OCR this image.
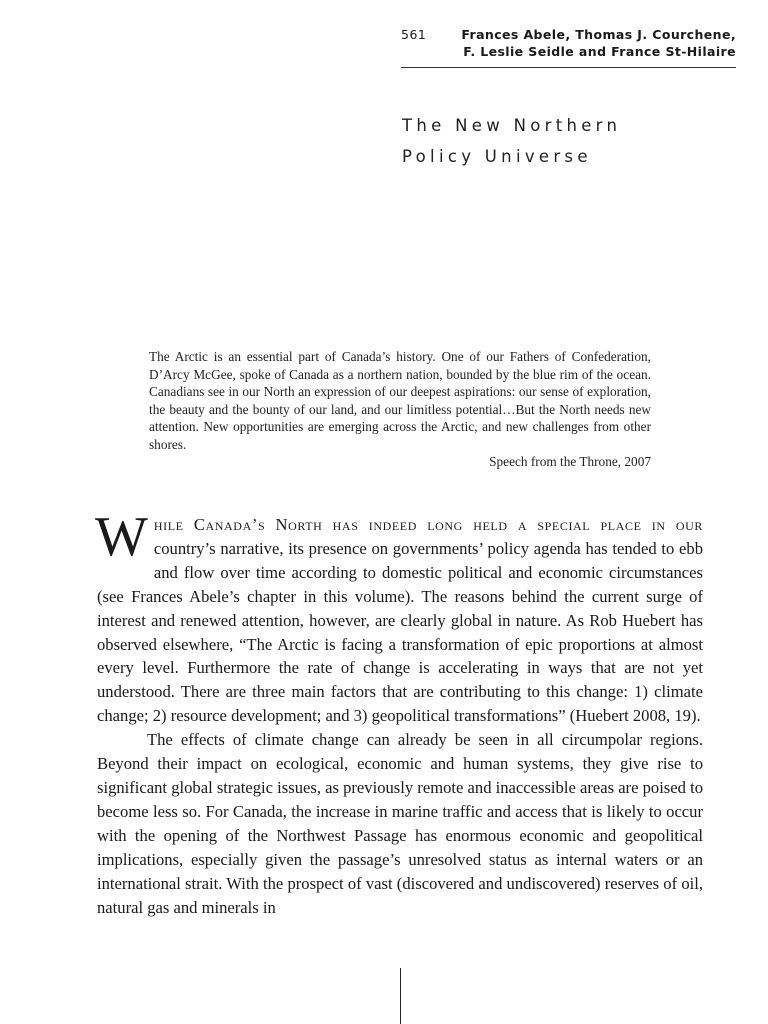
561	Frances Abele, Thomas J. Courchene,
F. Leslie Seidle and France St-Hilaire
The New Northern
Policy Universe
The Arctic is an essential part of Canada’s history. One of our Fathers of Confederation, D’Arcy McGee, spoke of Canada as a northern nation, bounded by the blue rim of the ocean. Canadians see in our North an expression of our deepest aspirations: our sense of exploration, the beauty and the bounty of our land, and our limitless potential…But the North needs new attention. New opportunities are emerging across the Arctic, and new challenges from other shores.
Speech from the Throne, 2007

While Canada’s North has indeed long held a special place in our country’s narrative, its presence on governments’ policy agenda has tended to ebb and flow over time according to domestic political and economic circumstances (see Frances Abele’s chapter in this volume). The reasons behind the current surge of interest and renewed attention, however, are clearly global in nature. As Rob Huebert has observed elsewhere, “The Arctic is facing a transformation of epic proportions at almost every level. Furthermore the rate of change is accelerating in ways that are not yet understood. There are three main factors that are contributing to this change: 1) climate change; 2) resource development; and 3) geopolitical transformations” (Huebert 2008, 19).

The effects of climate change can already be seen in all circumpolar regions. Beyond their impact on ecological, economic and human systems, they give rise to significant global strategic issues, as previously remote and inaccessible areas are poised to become less so. For Canada, the increase in marine traffic and access that is likely to occur with the opening of the Northwest Passage has enormous economic and geopolitical implications, especially given the passage’s unresolved status as internal waters or an international strait. With the prospect of vast (discovered and undiscovered) reserves of oil, natural gas and minerals in
